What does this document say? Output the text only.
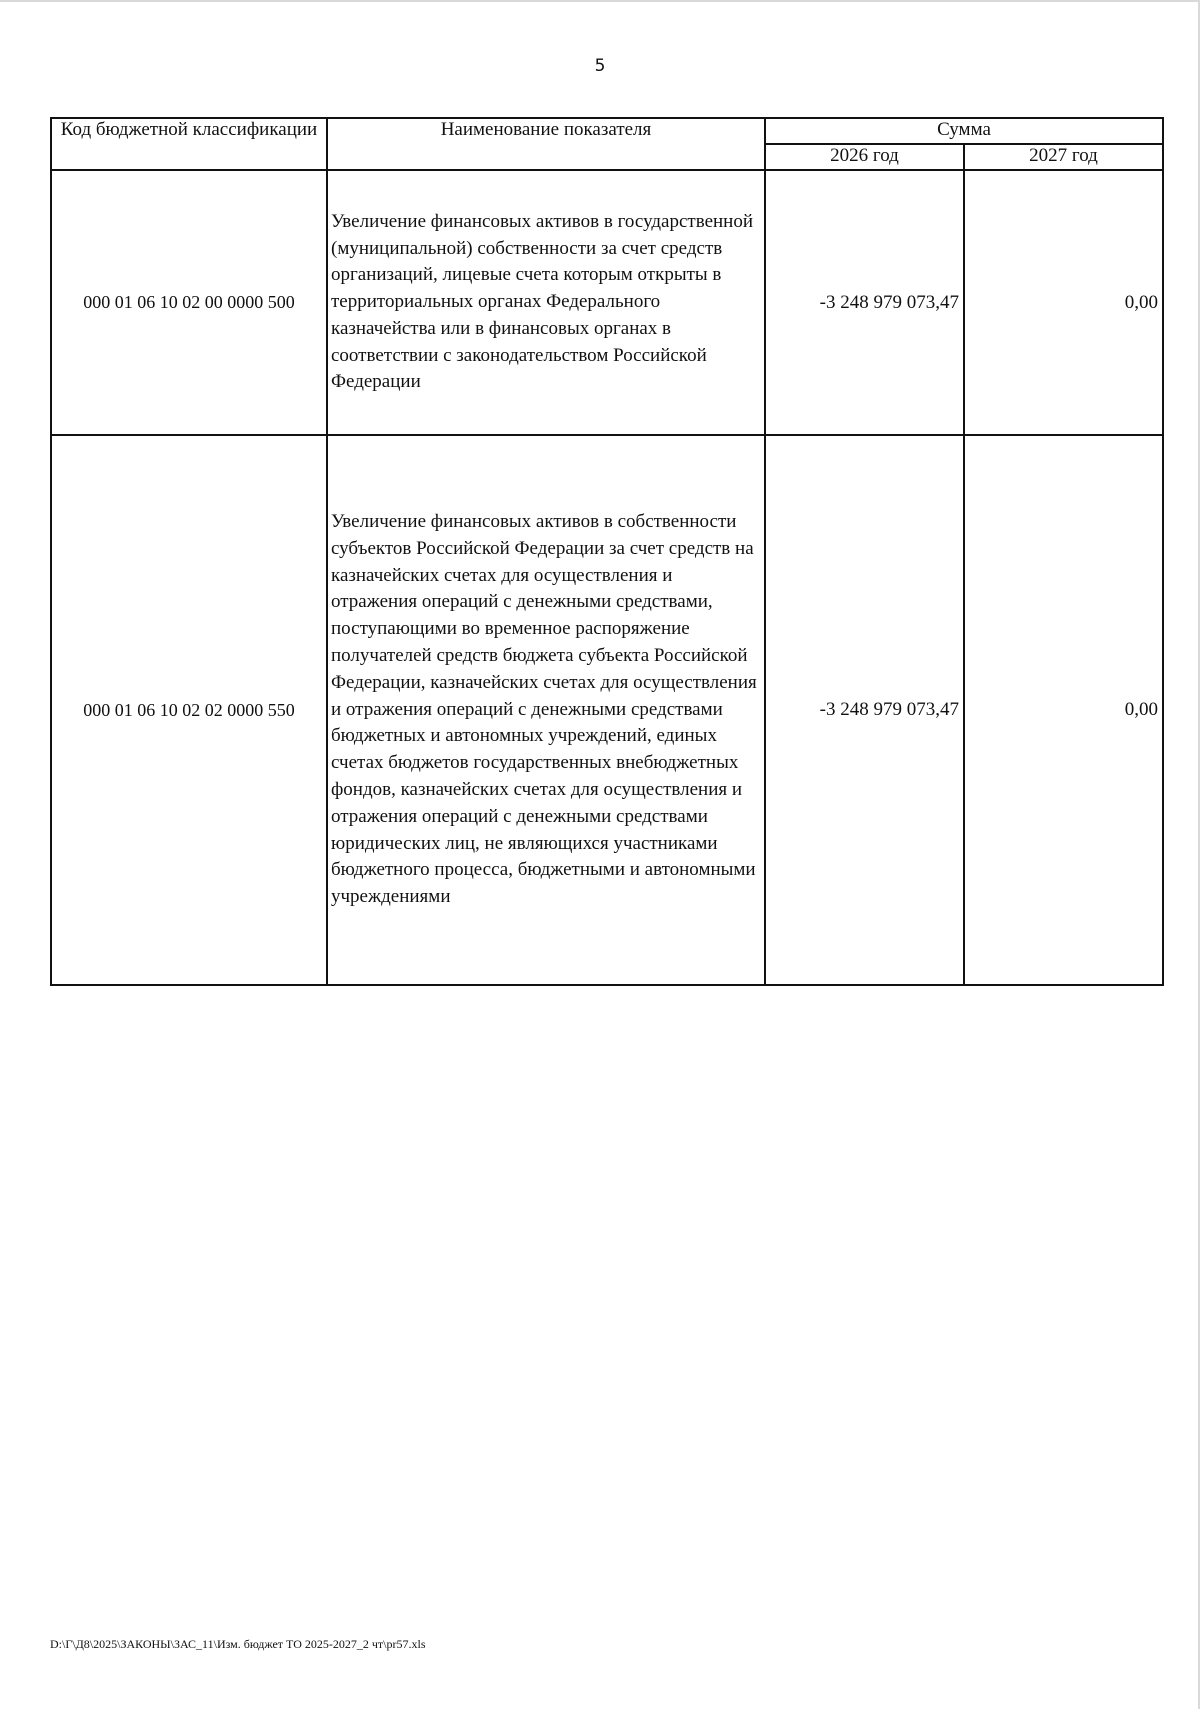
5
Код бюджетной классификации	Наименование показателя	Сумма	
		2026 год	2027 год
000 01 06 10 02 00 0000 500	Увеличение финансовых активов в государственной (муниципальной) собственности за счет средств организаций, лицевые счета которым открыты в территориальных органах Федерального казначейства или в финансовых органах в соответствии с законодательством Российской Федерации	-3 248 979 073,47	0,00
000 01 06 10 02 02 0000 550	Увеличение финансовых активов в собственности субъектов Российской Федерации за счет средств на казначейских счетах для осуществления и отражения операций с денежными средствами, поступающими во временное распоряжение получателей средств бюджета субъекта Российской Федерации, казначейских счетах для осуществления и отражения операций с денежными средствами бюджетных и автономных учреждений, единых счетах бюджетов государственных внебюджетных фондов, казначейских счетах для осуществления и отражения операций с денежными средствами юридических лиц, не являющихся участниками бюджетного процесса, бюджетными и автономными учреждениями	-3 248 979 073,47	0,00
D:\Г\Д8\2025\ЗАКОНЫ\ЗАС_11\Изм. бюджет ТО 2025-2027_2 чт\pr57.xls
